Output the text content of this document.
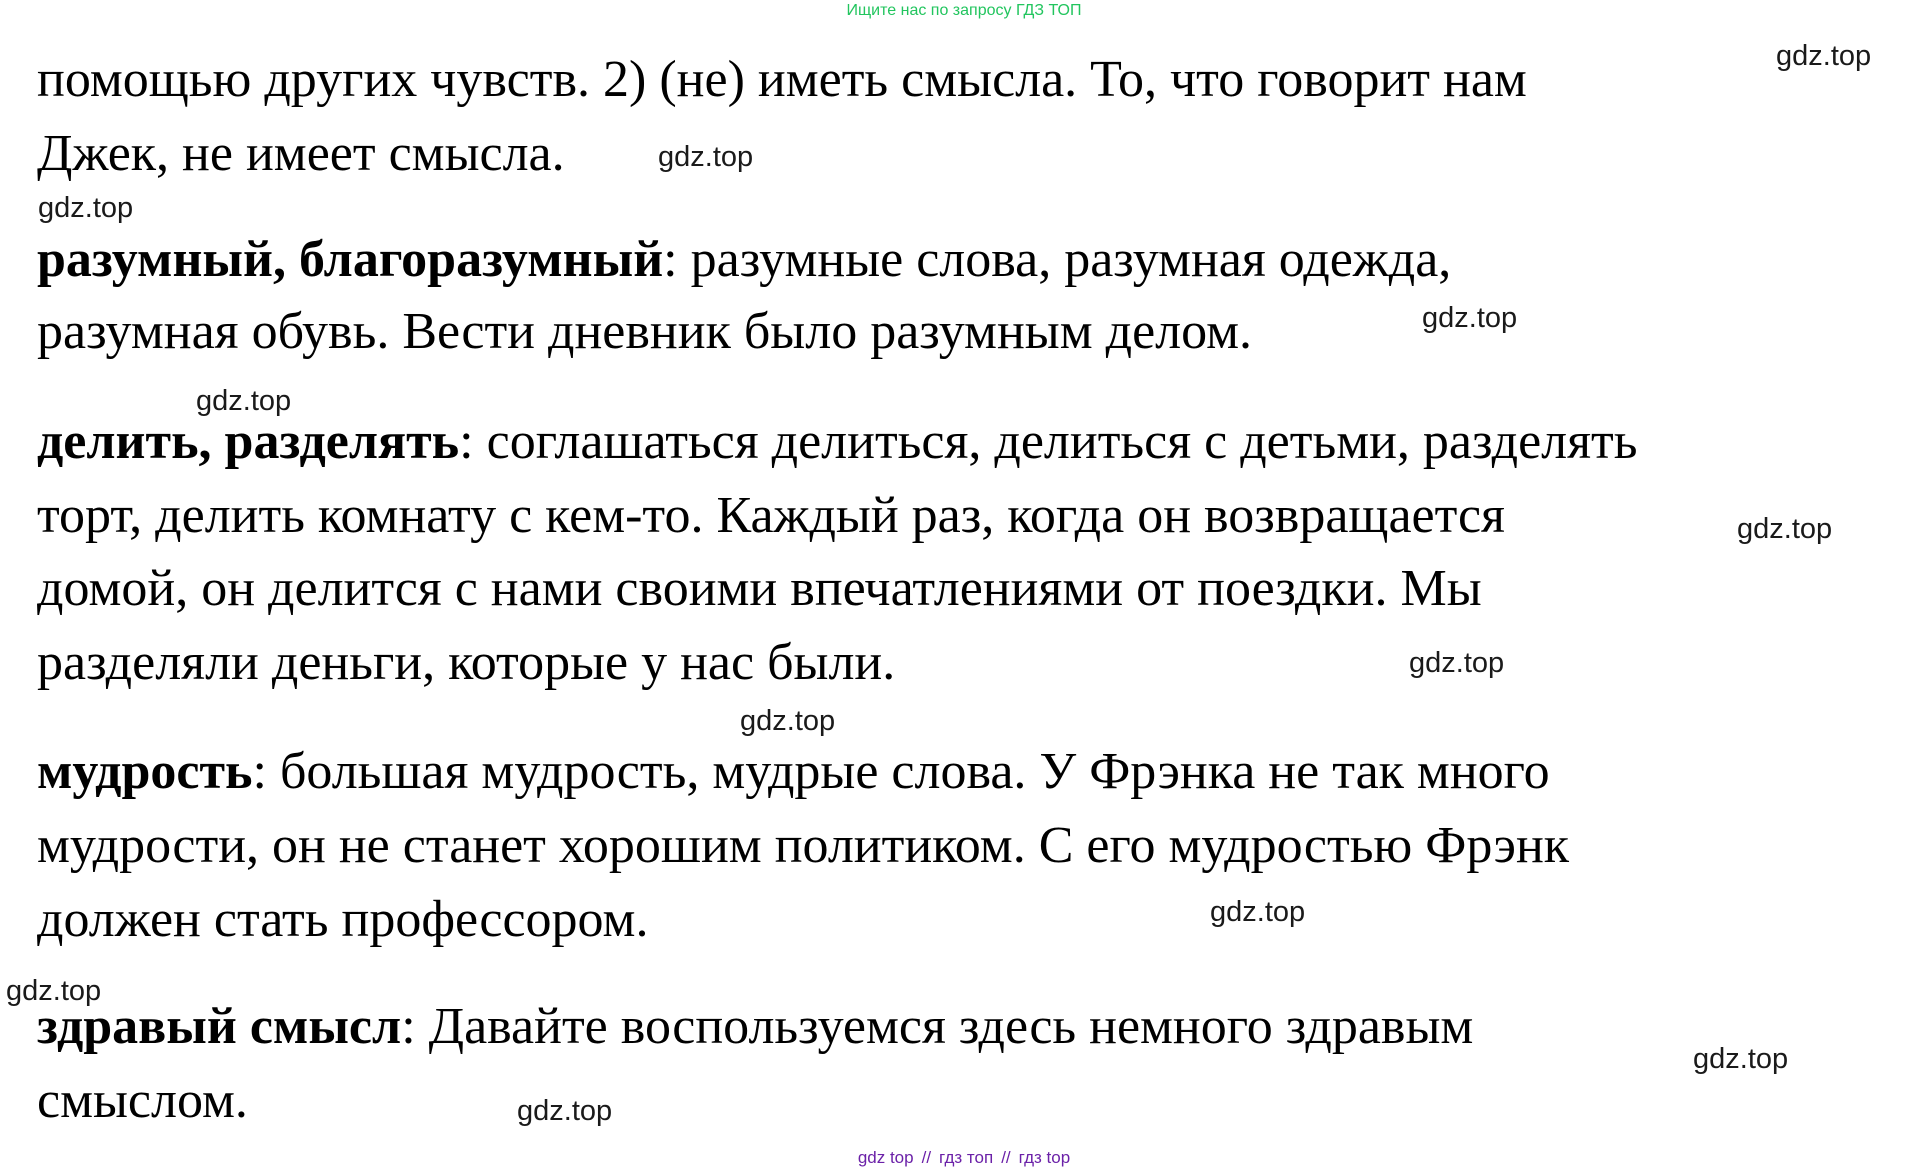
Ищите нас по запросу ГДЗ ТОП
помощью других чувств. 2) (не) иметь смысла. То, что говорит нам
Джек, не имеет смысла.
разумный, благоразумный: разумные слова, разумная одежда,
разумная обувь. Вести дневник было разумным делом.
делить, разделять: соглашаться делиться, делиться с детьми, разделять
торт, делить комнату с кем-то. Каждый раз, когда он возвращается
домой, он делится с нами своими впечатлениями от поездки. Мы
разделяли деньги, которые у нас были.
мудрость: большая мудрость, мудрые слова. У Фрэнка не так много
мудрости, он не станет хорошим политиком. С его мудростью Фрэнк
должен стать профессором.
здравый смысл: Давайте воспользуемся здесь немного здравым
смыслом.
gdz.top
gdz.top
gdz.top
gdz.top
gdz.top
gdz.top
gdz.top
gdz.top
gdz.top
gdz.top
gdz.top
gdz.top
gdz top // гдз топ // гдз top
